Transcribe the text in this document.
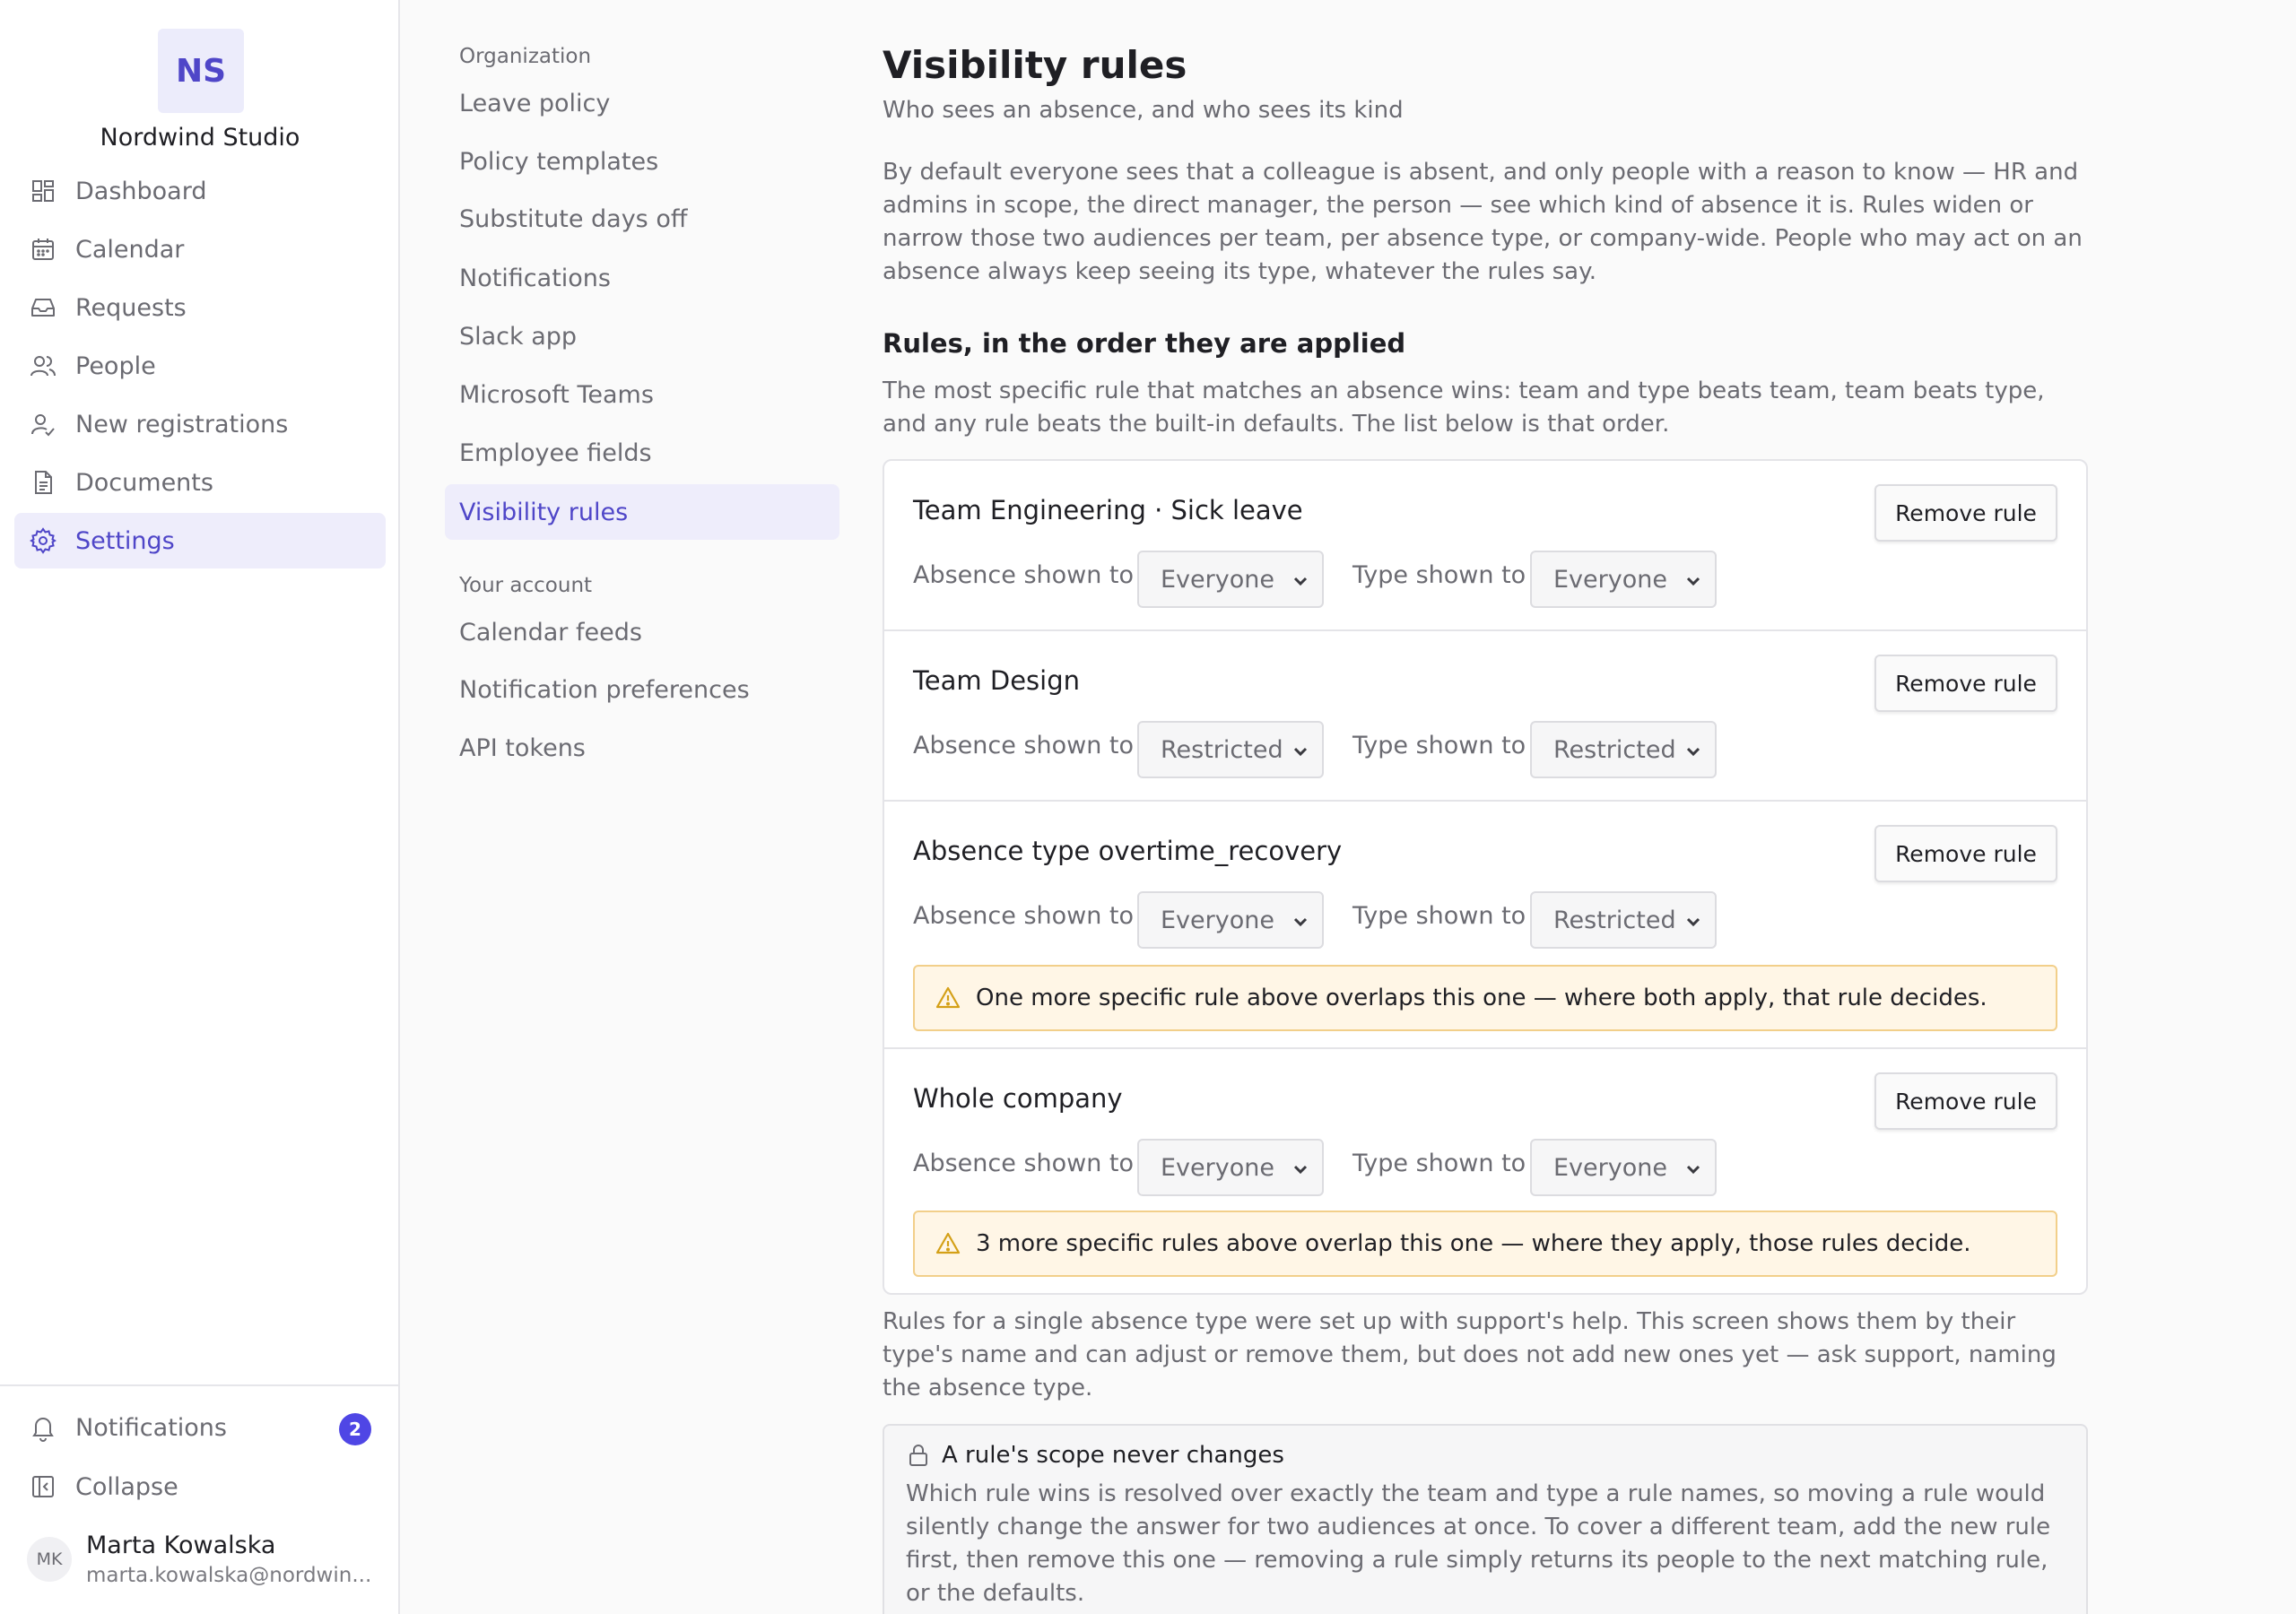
NS
Nordwind Studio
Dashboard
Calendar
Requests
People
New registrations
Documents
Settings
Notifications	2
Collapse
MK Marta Kowalska
marta.kowalska@nordwin...
Organization
Leave policy
Policy templates
Substitute days off
Notifications
Slack app
Microsoft Teams
Employee fields
Visibility rules
Your account
Calendar feeds
Notification preferences
API tokens
Visibility rules
Who sees an absence, and who sees its kind

By default everyone sees that a colleague is absent, and only people with a reason to know — HR and admins in scope, the direct manager, the person — see which kind of absence it is. Rules widen or narrow those two audiences per team, per absence type, or company-wide. People who may act on an absence always keep seeing its type, whatever the rules say.

Rules, in the order they are applied

The most specific rule that matches an absence wins: team and type beats team, team beats type, and any rule beats the built-in defaults. The list below is that order.

Team Engineering · Sick leave	Remove rule
Absence shown to Everyone	Type shown to Everyone
Team Design	Remove rule
Absence shown to Restricted	Type shown to Restricted
Absence type overtime_recovery	Remove rule
Absence shown to Everyone	Type shown to Restricted
One more specific rule above overlaps this one — where both apply, that rule decides.
Whole company	Remove rule
Absence shown to Everyone	Type shown to Everyone
3 more specific rules above overlap this one — where they apply, those rules decide.

Rules for a single absence type were set up with support's help. This screen shows them by their type's name and can adjust or remove them, but does not add new ones yet — ask support, naming the absence type.

A rule's scope never changes

Which rule wins is resolved over exactly the team and type a rule names, so moving a rule would silently change the answer for two audiences at once. To cover a different team, add the new rule first, then remove this one — removing a rule simply returns its people to the next matching rule, or the defaults.
